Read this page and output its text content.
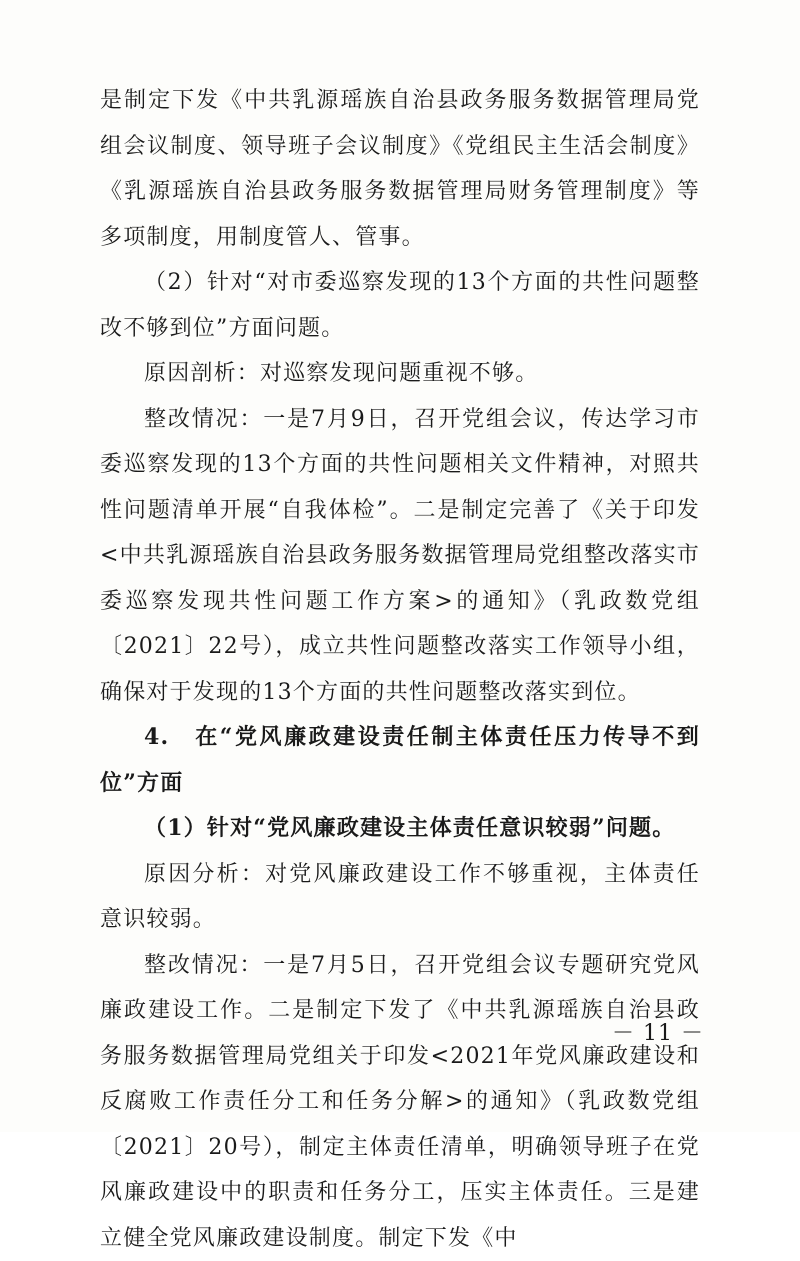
是制定下发《中共乳源瑶族自治县政务服务数据管理局党组会议制度、领导班子会议制度》《党组民主生活会制度》《乳源瑶族自治县政务服务数据管理局财务管理制度》等多项制度，用制度管人、管事。

（2）针对“对市委巡察发现的13个方面的共性问题整改不够到位”方面问题。

原因剖析：对巡察发现问题重视不够。

整改情况：一是7月9日，召开党组会议，传达学习市委巡察发现的13个方面的共性问题相关文件精神，对照共性问题清单开展“自我体检”。二是制定完善了《关于印发<中共乳源瑶族自治县政务服务数据管理局党组整改落实市委巡察发现共性问题工作方案>的通知》（乳政数党组〔2021〕22号），成立共性问题整改落实工作领导小组，确保对于发现的13个方面的共性问题整改落实到位。

4.　在“党风廉政建设责任制主体责任压力传导不到位”方面

（1）针对“党风廉政建设主体责任意识较弱”问题。

原因分析：对党风廉政建设工作不够重视，主体责任意识较弱。

整改情况：一是7月5日，召开党组会议专题研究党风廉政建设工作。二是制定下发了《中共乳源瑶族自治县政务服务数据管理局党组关于印发<2021年党风廉政建设和反腐败工作责任分工和任务分解>的通知》（乳政数党组〔2021〕20号），制定主体责任清单，明确领导班子在党风廉政建设中的职责和任务分工，压实主体责任。三是建立健全党风廉政建设制度。制定下发《中

－ 11 －
